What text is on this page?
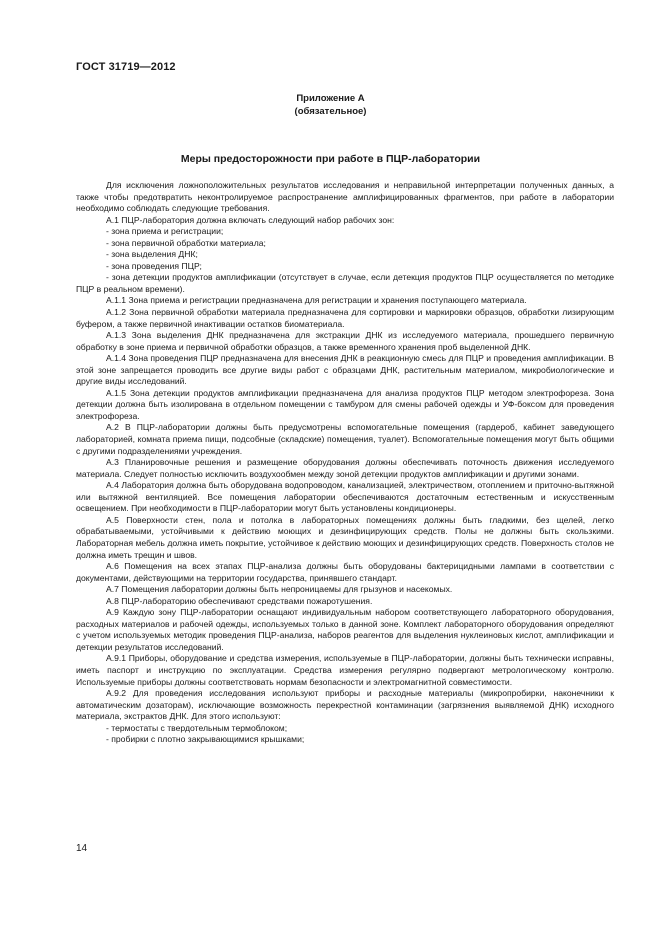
ГОСТ 31719—2012
Приложение А
(обязательное)
Меры предосторожности при работе в ПЦР-лаборатории

Для исключения ложноположительных результатов исследования и неправильной интерпретации полученных данных, а также чтобы предотвратить неконтролируемое распространение амплифицированных фрагментов, при работе в лаборатории необходимо соблюдать следующие требования.

А.1 ПЦР-лаборатория должна включать следующий набор рабочих зон:

- зона приема и регистрации;

- зона первичной обработки материала;

- зона выделения ДНК;

- зона проведения ПЦР;

- зона детекции продуктов амплификации (отсутствует в случае, если детекция продуктов ПЦР осуществляется по методике ПЦР в реальном времени).

А.1.1 Зона приема и регистрации предназначена для регистрации и хранения поступающего материала.

А.1.2 Зона первичной обработки материала предназначена для сортировки и маркировки образцов, обработки лизирующим буфером, а также первичной инактивации остатков биоматериала.

А.1.3 Зона выделения ДНК предназначена для экстракции ДНК из исследуемого материала, прошедшего первичную обработку в зоне приема и первичной обработки образцов, а также временного хранения проб выделенной ДНК.

А.1.4 Зона проведения ПЦР предназначена для внесения ДНК в реакционную смесь для ПЦР и проведения амплификации. В этой зоне запрещается проводить все другие виды работ с образцами ДНК, растительным материалом, микробиологические и другие виды исследований.

А.1.5 Зона детекции продуктов амплификации предназначена для анализа продуктов ПЦР методом электрофореза. Зона детекции должна быть изолирована в отдельном помещении с тамбуром для смены рабочей одежды и УФ-боксом для проведения электрофореза.

А.2 В ПЦР-лаборатории должны быть предусмотрены вспомогательные помещения (гардероб, кабинет заведующего лабораторией, комната приема пищи, подсобные (складские) помещения, туалет). Вспомогательные помещения могут быть общими с другими подразделениями учреждения.

А.3 Планировочные решения и размещение оборудования должны обеспечивать поточность движения исследуемого материала. Следует полностью исключить воздухообмен между зоной детекции продуктов амплификации и другими зонами.

А.4 Лаборатория должна быть оборудована водопроводом, канализацией, электричеством, отоплением и приточно-вытяжной или вытяжной вентиляцией. Все помещения лаборатории обеспечиваются достаточным естественным и искусственным освещением. При необходимости в ПЦР-лаборатории могут быть установлены кондиционеры.

А.5 Поверхности стен, пола и потолка в лабораторных помещениях должны быть гладкими, без щелей, легко обрабатываемыми, устойчивыми к действию моющих и дезинфицирующих средств. Полы не должны быть скользкими. Лабораторная мебель должна иметь покрытие, устойчивое к действию моющих и дезинфицирующих средств. Поверхность столов не должна иметь трещин и швов.

А.6 Помещения на всех этапах ПЦР-анализа должны быть оборудованы бактерицидными лампами в соответствии с документами, действующими на территории государства, принявшего стандарт.

А.7 Помещения лаборатории должны быть непроницаемы для грызунов и насекомых.

А.8 ПЦР-лабораторию обеспечивают средствами пожаротушения.

А.9 Каждую зону ПЦР-лаборатории оснащают индивидуальным набором соответствующего лабораторного оборудования, расходных материалов и рабочей одежды, используемых только в данной зоне. Комплект лабораторного оборудования определяют с учетом используемых методик проведения ПЦР-анализа, наборов реагентов для выделения нуклеиновых кислот, амплификации и детекции результатов исследований.

А.9.1 Приборы, оборудование и средства измерения, используемые в ПЦР-лаборатории, должны быть технически исправны, иметь паспорт и инструкцию по эксплуатации. Средства измерения регулярно подвергают метрологическому контролю. Используемые приборы должны соответствовать нормам безопасности и электромагнитной совместимости.

А.9.2 Для проведения исследования используют приборы и расходные материалы (микропробирки, наконечники к автоматическим дозаторам), исключающие возможность перекрестной контаминации (загрязнения выявляемой ДНК) исходного материала, экстрактов ДНК. Для этого используют:

- термостаты с твердотельным термоблоком;

- пробирки с плотно закрывающимися крышками;

14
